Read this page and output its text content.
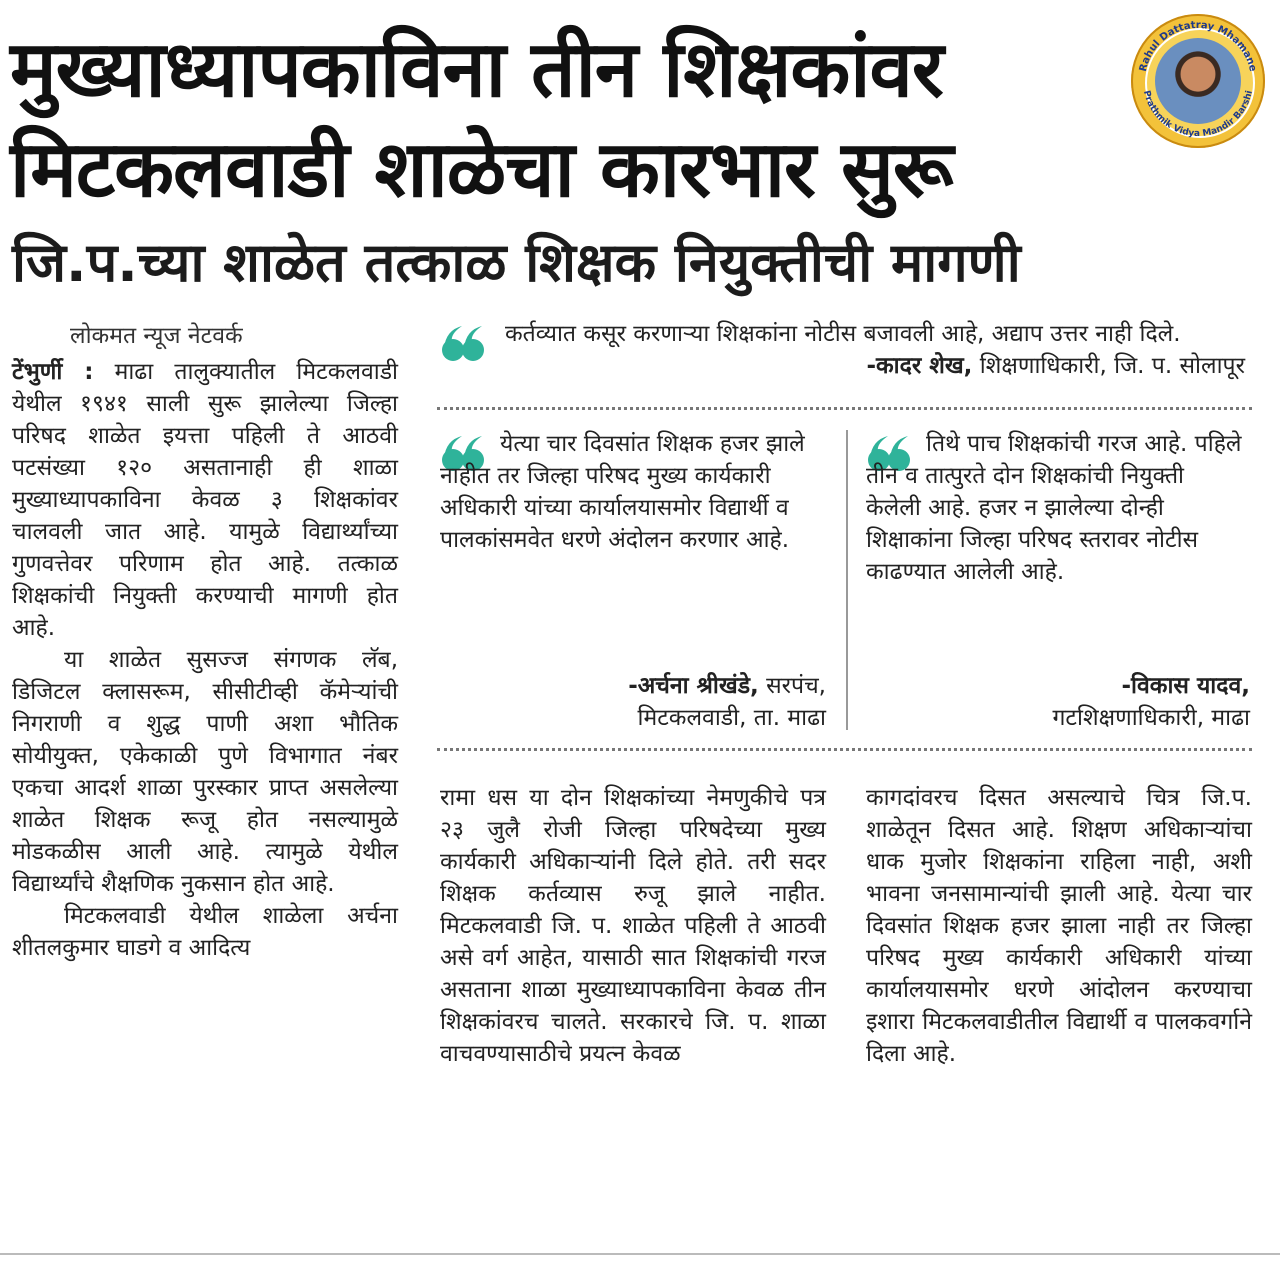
मुख्याध्यापकाविना तीन शिक्षकांवर
मिटकलवाडी शाळेचा कारभार सुरू
जि.प.च्या शाळेत तत्काळ शिक्षक नियुक्तीची मागणी
Rahul Dattatray Mhamane
Prathmik Vidya Mandir Barshi
लोकमत न्यूज नेटवर्क

टेंभुर्णी : माढा तालुक्यातील मिटकलवाडी येथील १९४१ साली सुरू झालेल्या जिल्हा परिषद शाळेत इयत्ता पहिली ते आठवी पटसंख्या १२० असतानाही ही शाळा मुख्याध्यापकाविना केवळ ३ शिक्षकांवर चालवली जात आहे. यामुळे विद्यार्थ्यांच्या गुणवत्तेवर परिणाम होत आहे. तत्काळ शिक्षकांची नियुक्ती करण्याची मागणी होत आहे.

या शाळेत सुसज्ज संगणक लॅब, डिजिटल क्लासरूम, सीसीटीव्ही कॅमेऱ्यांची निगराणी व शुद्ध पाणी अशा भौतिक सोयीयुक्त, एकेकाळी पुणे विभागात नंबर एकचा आदर्श शाळा पुरस्कार प्राप्त असलेल्या शाळेत शिक्षक रूजू होत नसल्यामुळे मोडकळीस आली आहे. त्यामुळे येथील विद्यार्थ्यांचे शैक्षणिक नुकसान होत आहे.

मिटकलवाडी येथील शाळेला अर्चना शीतलकुमार घाडगे व आदित्य

कर्तव्यात कसूर करणाऱ्या शिक्षकांना नोटीस बजावली आहे, अद्याप उत्तर नाही दिले.
-कादर शेख, शिक्षणाधिकारी, जि. प. सोलापूर

येत्या चार दिवसांत शिक्षक हजर झाले नाहीत तर जिल्हा परिषद मुख्य कार्यकारी अधिकारी यांच्या कार्यालयासमोर विद्यार्थी व पालकांसमवेत धरणे अंदोलन करणार आहे.

-अर्चना श्रीखंडे, सरपंच,
मिटकलवाडी, ता. माढा

तिथे पाच शिक्षकांची गरज आहे. पहिले तीन व तात्पुरते दोन शिक्षकांची नियुक्ती केलेली आहे. हजर न झालेल्या दोन्ही शिक्षाकांना जिल्हा परिषद स्तरावर नोटीस काढण्यात आलेली आहे.

-विकास यादव,
गटशिक्षणाधिकारी, माढा

रामा धस या दोन शिक्षकांच्या नेमणुकीचे पत्र २३ जुलै रोजी जिल्हा परिषदेच्या मुख्य कार्यकारी अधिकाऱ्यांनी दिले होते. तरी सदर शिक्षक कर्तव्यास रुजू झाले नाहीत. मिटकलवाडी जि. प. शाळेत पहिली ते आठवी असे वर्ग आहेत, यासाठी सात शिक्षकांची गरज असताना शाळा मुख्याध्यापकाविना केवळ तीन शिक्षकांवरच चालते. सरकारचे जि. प. शाळा वाचवण्यासाठीचे प्रयत्न केवळ

कागदांवरच दिसत असल्याचे चित्र जि.प. शाळेतून दिसत आहे. शिक्षण अधिकाऱ्यांचा धाक मुजोर शिक्षकांना राहिला नाही, अशी भावना जनसामान्यांची झाली आहे. येत्या चार दिवसांत शिक्षक हजर झाला नाही तर जिल्हा परिषद मुख्य कार्यकारी अधिकारी यांच्या कार्यालयासमोर धरणे आंदोलन करण्याचा इशारा मिटकलवाडीतील विद्यार्थी व पालकवर्गाने दिला आहे.
